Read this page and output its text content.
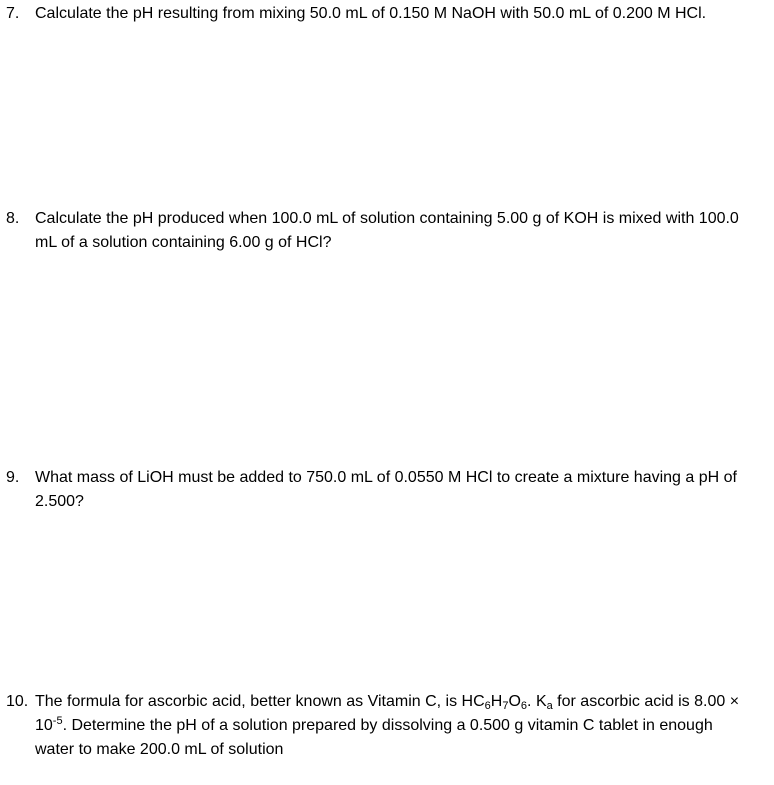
7. Calculate the pH resulting from mixing 50.0 mL of 0.150 M NaOH with 50.0 mL of 0.200 M HCl.
8. Calculate the pH produced when 100.0 mL of solution containing 5.00 g of KOH is mixed with 100.0
mL of a solution containing 6.00 g of HCl?
9. What mass of LiOH must be added to 750.0 mL of 0.0550 M HCl to create a mixture having a pH of
2.500?
10. The formula for ascorbic acid, better known as Vitamin C, is $HC_6H_7O_6$. $K_a$ for ascorbic acid is 8.00 ×
$10^{-5}$. Determine the pH of a solution prepared by dissolving a 0.500 g vitamin C tablet in enough
water to make 200.0 mL of solution
